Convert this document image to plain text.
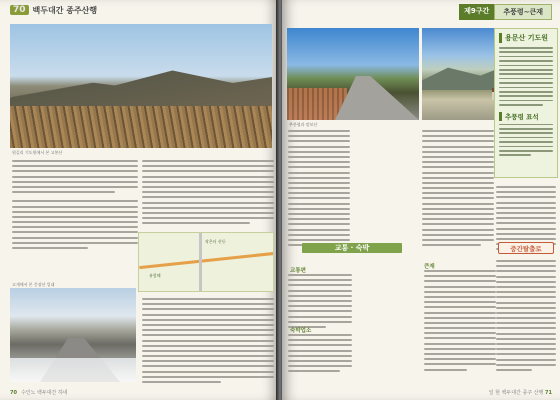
70 백두대간 종주산행
원길리 기도원에서 본 고봉산
고개에서 본 웅장산 일대
작은터 산등
유람해
70 수인노 백두대간 하네
제9구간	추풍령~큰재
추풍령과 말보산
교통 · 숙박
교통편
숙박업소
큰재
용문산 기도원
추풍령 표석
중간탈출로
일 현 백두대간 종주 산행 71
